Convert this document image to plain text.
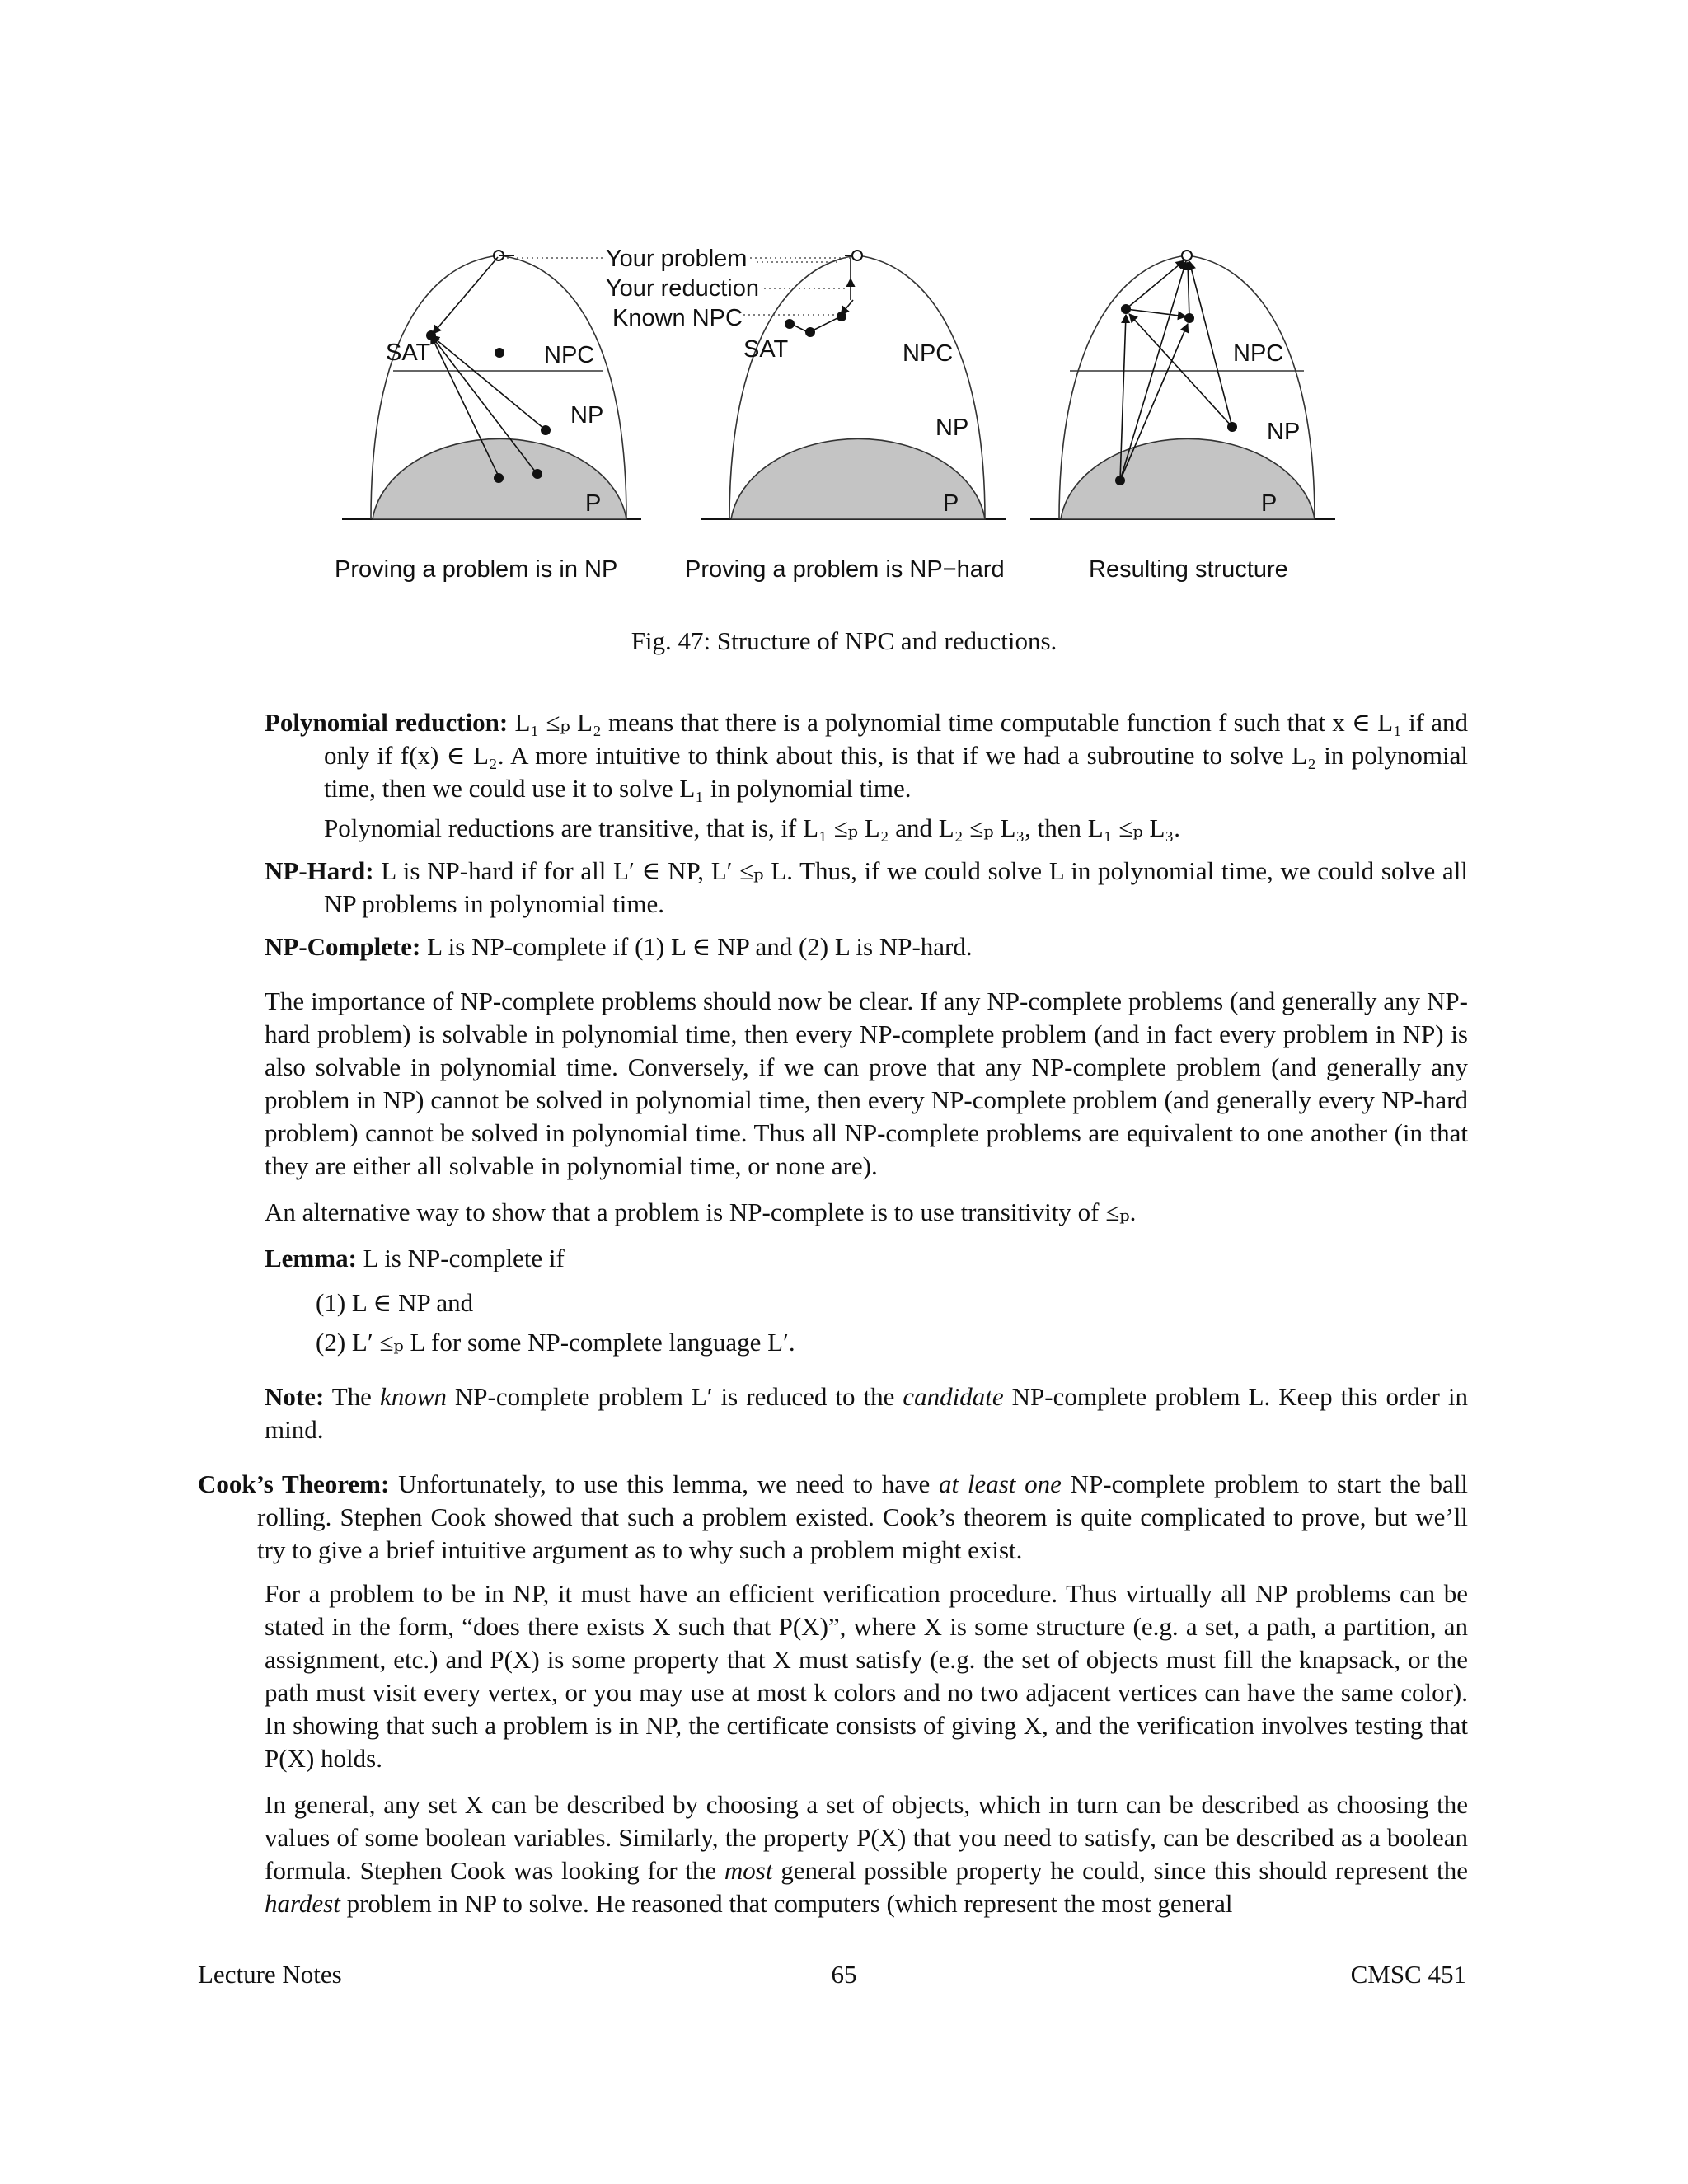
Your problem
Your reduction
Known NPC
SAT	NPC
NP
P
Proving a problem is in NP
SAT	NPC
NP
P
Proving a problem is NP−hard
NPC
NP
P
Resulting structure
Fig. 47: Structure of NPC and reductions.
Polynomial reduction: L₁ ≤ₚ L₂ means that there is a polynomial time computable function f such that x ∈ L₁ if and only if f(x) ∈ L₂. A more intuitive to think about this, is that if we had a subroutine to solve L₂ in polynomial time, then we could use it to solve L₁ in polynomial time.
Polynomial reductions are transitive, that is, if L₁ ≤ₚ L₂ and L₂ ≤ₚ L₃, then L₁ ≤ₚ L₃.
NP-Hard: L is NP-hard if for all L′ ∈ NP, L′ ≤ₚ L. Thus, if we could solve L in polynomial time, we could solve all NP problems in polynomial time.
NP-Complete: L is NP-complete if (1) L ∈ NP and (2) L is NP-hard.
The importance of NP-complete problems should now be clear. If any NP-complete problems (and generally any NP-hard problem) is solvable in polynomial time, then every NP-complete problem (and in fact every problem in NP) is also solvable in polynomial time. Conversely, if we can prove that any NP-complete problem (and generally any problem in NP) cannot be solved in polynomial time, then every NP-complete problem (and generally every NP-hard problem) cannot be solved in polynomial time. Thus all NP-complete problems are equivalent to one another (in that they are either all solvable in polynomial time, or none are).
An alternative way to show that a problem is NP-complete is to use transitivity of ≤ₚ.
Lemma: L is NP-complete if
(1) L ∈ NP and
(2) L′ ≤ₚ L for some NP-complete language L′.
Note: The known NP-complete problem L′ is reduced to the candidate NP-complete problem L. Keep this order in mind.
Cook’s Theorem: Unfortunately, to use this lemma, we need to have at least one NP-complete problem to start the ball rolling. Stephen Cook showed that such a problem existed. Cook’s theorem is quite complicated to prove, but we’ll try to give a brief intuitive argument as to why such a problem might exist.
For a problem to be in NP, it must have an efficient verification procedure. Thus virtually all NP problems can be stated in the form, “does there exists X such that P(X)”, where X is some structure (e.g. a set, a path, a partition, an assignment, etc.) and P(X) is some property that X must satisfy (e.g. the set of objects must fill the knapsack, or the path must visit every vertex, or you may use at most k colors and no two adjacent vertices can have the same color). In showing that such a problem is in NP, the certificate consists of giving X, and the verification involves testing that P(X) holds.
In general, any set X can be described by choosing a set of objects, which in turn can be described as choosing the values of some boolean variables. Similarly, the property P(X) that you need to satisfy, can be described as a boolean formula. Stephen Cook was looking for the most general possible property he could, since this should represent the hardest problem in NP to solve. He reasoned that computers (which represent the most general
Lecture Notes	65	CMSC 451
